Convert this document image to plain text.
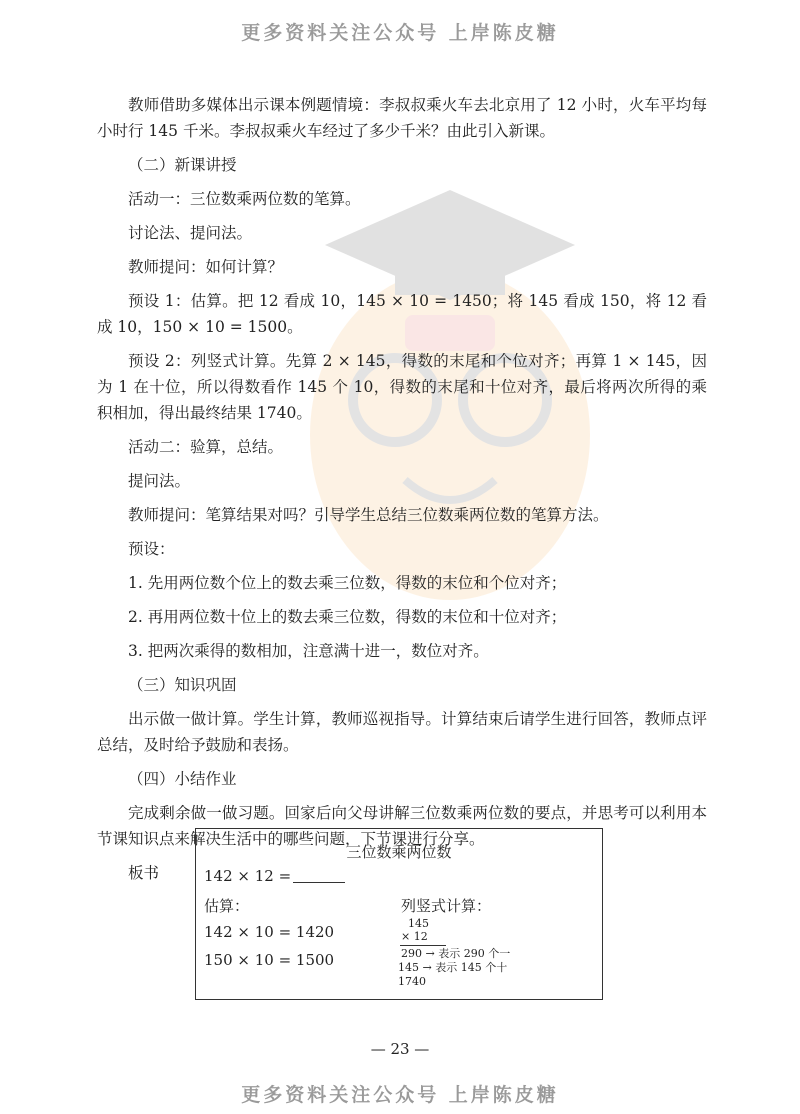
更多资料关注公众号 上岸陈皮糖

教师借助多媒体出示课本例题情境：李叔叔乘火车去北京用了 12 小时，火车平均每小时行 145 千米。李叔叔乘火车经过了多少千米？由此引入新课。

（二）新课讲授

活动一：三位数乘两位数的笔算。

讨论法、提问法。

教师提问：如何计算？

预设 1：估算。把 12 看成 10，145 × 10 = 1450；将 145 看成 150，将 12 看成 10，150 × 10 = 1500。

预设 2：列竖式计算。先算 2 × 145，得数的末尾和个位对齐；再算 1 × 145，因为 1 在十位，所以得数看作 145 个 10，得数的末尾和十位对齐，最后将两次所得的乘积相加，得出最终结果 1740。

活动二：验算，总结。

提问法。

教师提问：笔算结果对吗？引导学生总结三位数乘两位数的笔算方法。

预设：

1. 先用两位数个位上的数去乘三位数，得数的末位和个位对齐；

2. 再用两位数十位上的数去乘三位数，得数的末位和十位对齐；

3. 把两次乘得的数相加，注意满十进一，数位对齐。

（三）知识巩固

出示做一做计算。学生计算，教师巡视指导。计算结束后请学生进行回答，教师点评总结，及时给予鼓励和表扬。

（四）小结作业

完成剩余做一做习题。回家后向父母讲解三位数乘两位数的要点，并思考可以利用本节课知识点来解决生活中的哪些问题，下节课进行分享。

板书

三位数乘两位数
142 × 12 =
估算：
142 × 10 = 1420
150 × 10 = 1500
列竖式计算：
145
× 12
290 → 表示 290 个一
145 → 表示 145 个十
1740
— 23 —
更多资料关注公众号 上岸陈皮糖
